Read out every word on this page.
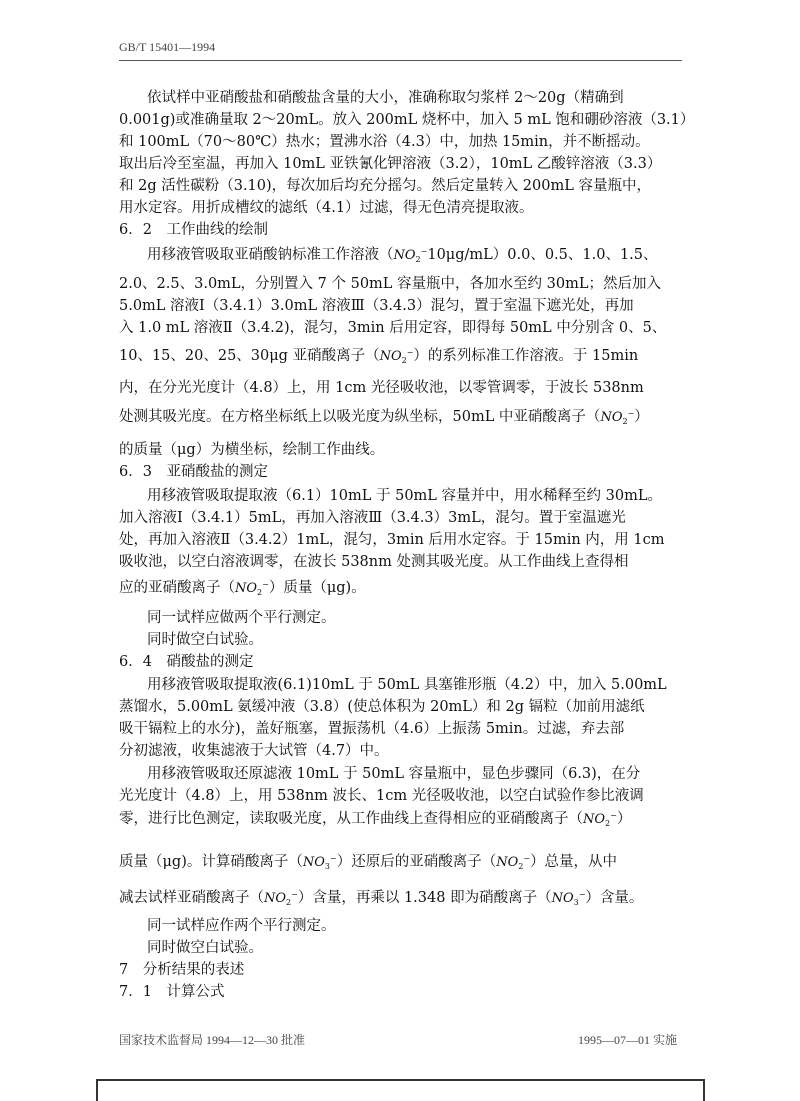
GB/T 15401—1994
依试样中亚硝酸盐和硝酸盐含量的大小，准确称取匀浆样 2～20g（精确到
0.001g)或准确量取 2～20mL。放入 200mL 烧杯中，加入 5 mL 饱和硼砂溶液（3.1）
和 100mL（70～80℃）热水；置沸水浴（4.3）中，加热 15min，并不断摇动。
取出后冷至室温，再加入 10mL 亚铁氰化钾溶液（3.2），10mL 乙酸锌溶液（3.3）
和 2g 活性碳粉（3.10)，每次加后均充分摇匀。然后定量转入 200mL 容量瓶中，
用水定容。用折成槽纹的滤纸（4.1）过滤，得无色清亮提取液。
6．2　工作曲线的绘制
用移液管吸取亚硝酸钠标准工作溶液$(NO_2^-10\mu g/mL)0.0$、0.5、1.0、1.5、
2.0、2.5、3.0mL，分别置入 7 个 50mL 容量瓶中，各加水至约 30mL；然后加入
5.0mL 溶液Ⅰ（3.4.1）3.0mL 溶液Ⅲ（3.4.3）混匀，置于室温下遮光处，再加
入 1.0 mL 溶液Ⅱ（3.4.2)，混匀，3min 后用定容，即得每 50mL 中分别含 0、5、
10、15、20、25、30μg 亚硝酸离子$(NO_2^-)$的系列标准工作溶液。于 15min
内，在分光光度计（4.8）上，用 1cm 光径吸收池，以零管调零，于波长 538nm
处测其吸光度。在方格坐标纸上以吸光度为纵坐标，50mL 中亚硝酸离子$(NO_2^-)$
的质量（μg）为横坐标，绘制工作曲线。
6．3　亚硝酸盐的测定
用移液管吸取提取液（6.1）10mL 于 50mL 容量并中，用水稀释至约 30mL。
加入溶液Ⅰ（3.4.1）5mL，再加入溶液Ⅲ（3.4.3）3mL，混匀。置于室温遮光
处，再加入溶液Ⅱ（3.4.2）1mL，混匀，3min 后用水定容。于 15min 内，用 1cm
吸收池，以空白溶液调零，在波长 538nm 处测其吸光度。从工作曲线上查得相
应的亚硝酸离子$(NO_2^-)$质量（μg)。
同一试样应做两个平行测定。
同时做空白试验。
6．4　硝酸盐的测定
用移液管吸取提取液(6.1)10mL 于 50mL 具塞锥形瓶（4.2）中，加入 5.00mL
蒸馏水，5.00mL 氨缓冲液（3.8）(使总体积为 20mL）和 2g 镉粒（加前用滤纸
吸干镉粒上的水分)，盖好瓶塞，置振荡机（4.6）上振荡 5min。过滤，弃去部
分初滤液，收集滤液于大试管（4.7）中。
用移液管吸取还原滤液 10mL 于 50mL 容量瓶中，显色步骤同（6.3)，在分
光光度计（4.8）上，用 538nm 波长、1cm 光径吸收池，以空白试验作参比液调
零，进行比色测定，读取吸光度，从工作曲线上查得相应的亚硝酸离子$(NO_2^-)$
质量（μg)。计算硝酸离子$(NO_3^-)$还原后的亚硝酸离子$(NO_2^-)$总量，从中
减去试样亚硝酸离子$(NO_2^-)$含量，再乘以 1.348 即为硝酸离子$(NO_3^-)$含量。
同一试样应作两个平行测定。
同时做空白试验。
7　分析结果的表述
7．1　计算公式
国家技术监督局 1994—12—30 批准	1995—07—01 实施
